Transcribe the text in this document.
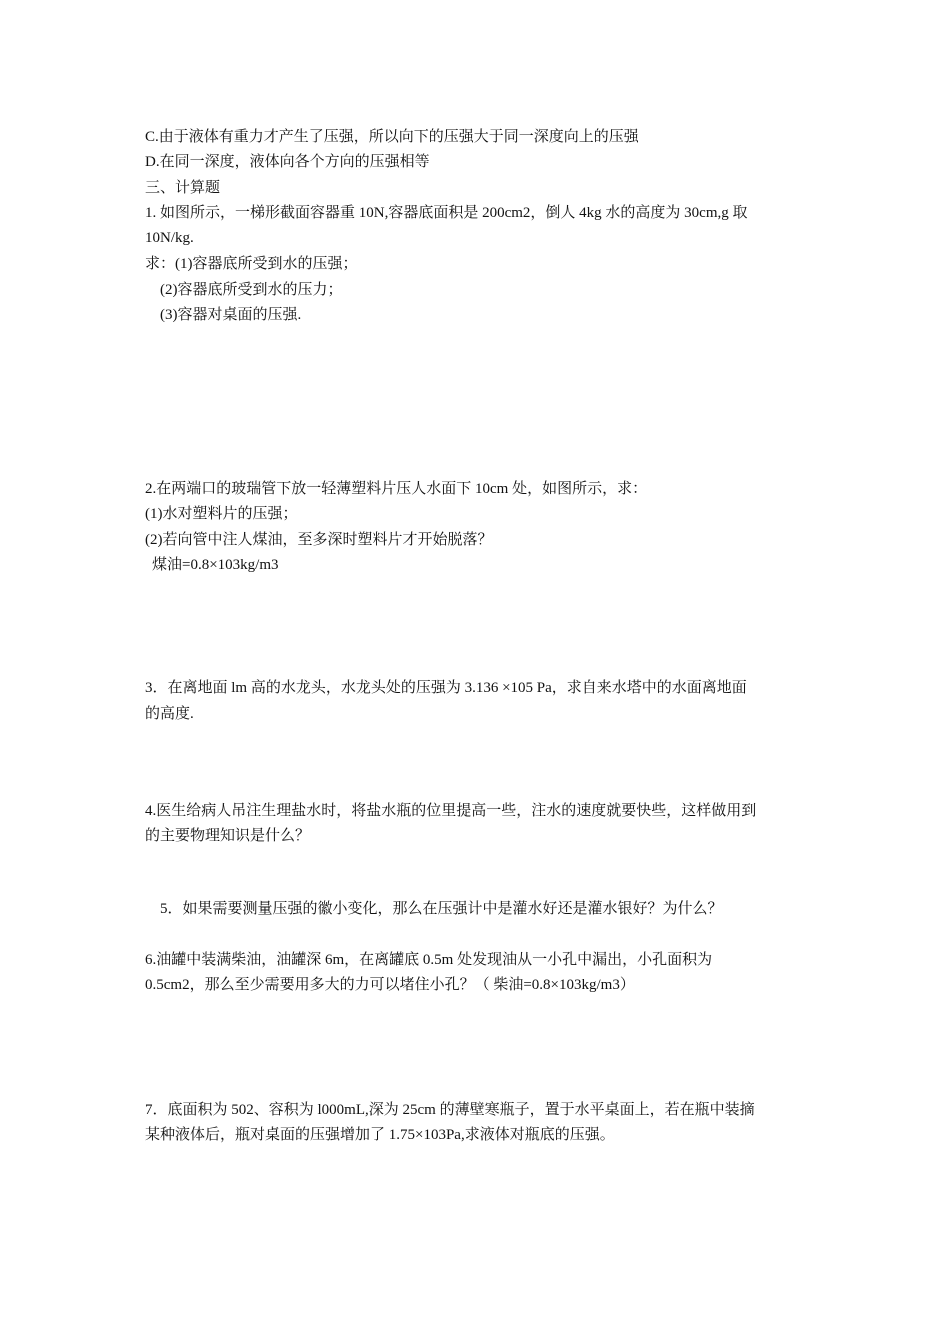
C.由于液体有重力才产生了压强，所以向下的压强大于同一深度向上的压强
D.在同一深度，液体向各个方向的压强相等
三、计算题
1. 如图所示，一梯形截面容器重 10N,容器底面积是 200cm2，倒人 4kg 水的高度为 30cm,g 取
10N/kg.
求：(1)容器底所受到水的压强；
(2)容器底所受到水的压力；
(3)容器对桌面的压强.
2.在两端口的玻瑞管下放一轻薄塑料片压人水面下 10cm 处，如图所示，求：
(1)水对塑料片的压强；
(2)若向管中注人煤油，至多深时塑料片才开始脱落？
煤油=0.8×103kg/m3
3．在离地面 lm 高的水龙头，水龙头处的压强为 3.136 ×105 Pa，求自来水塔中的水面离地面
的高度.
4.医生给病人吊注生理盐水时，将盐水瓶的位里提高一些，注水的速度就要快些，这样做用到
的主要物理知识是什么？
5．如果需要测量压强的徽小变化，那么在压强计中是灌水好还是灌水银好？为什么？
6.油罐中装满柴油，油罐深 6m，在离罐底 0.5m 处发现油从一小孔中漏出，小孔面积为
0.5cm2，那么至少需要用多大的力可以堵住小孔？（ 柴油=0.8×103kg/m3）
7．底面积为 502、容积为 l000mL,深为 25cm 的薄壁寒瓶子，置于水平桌面上，若在瓶中装摘
某种液体后，瓶对桌面的压强增加了 1.75×103Pa,求液体对瓶底的压强。
